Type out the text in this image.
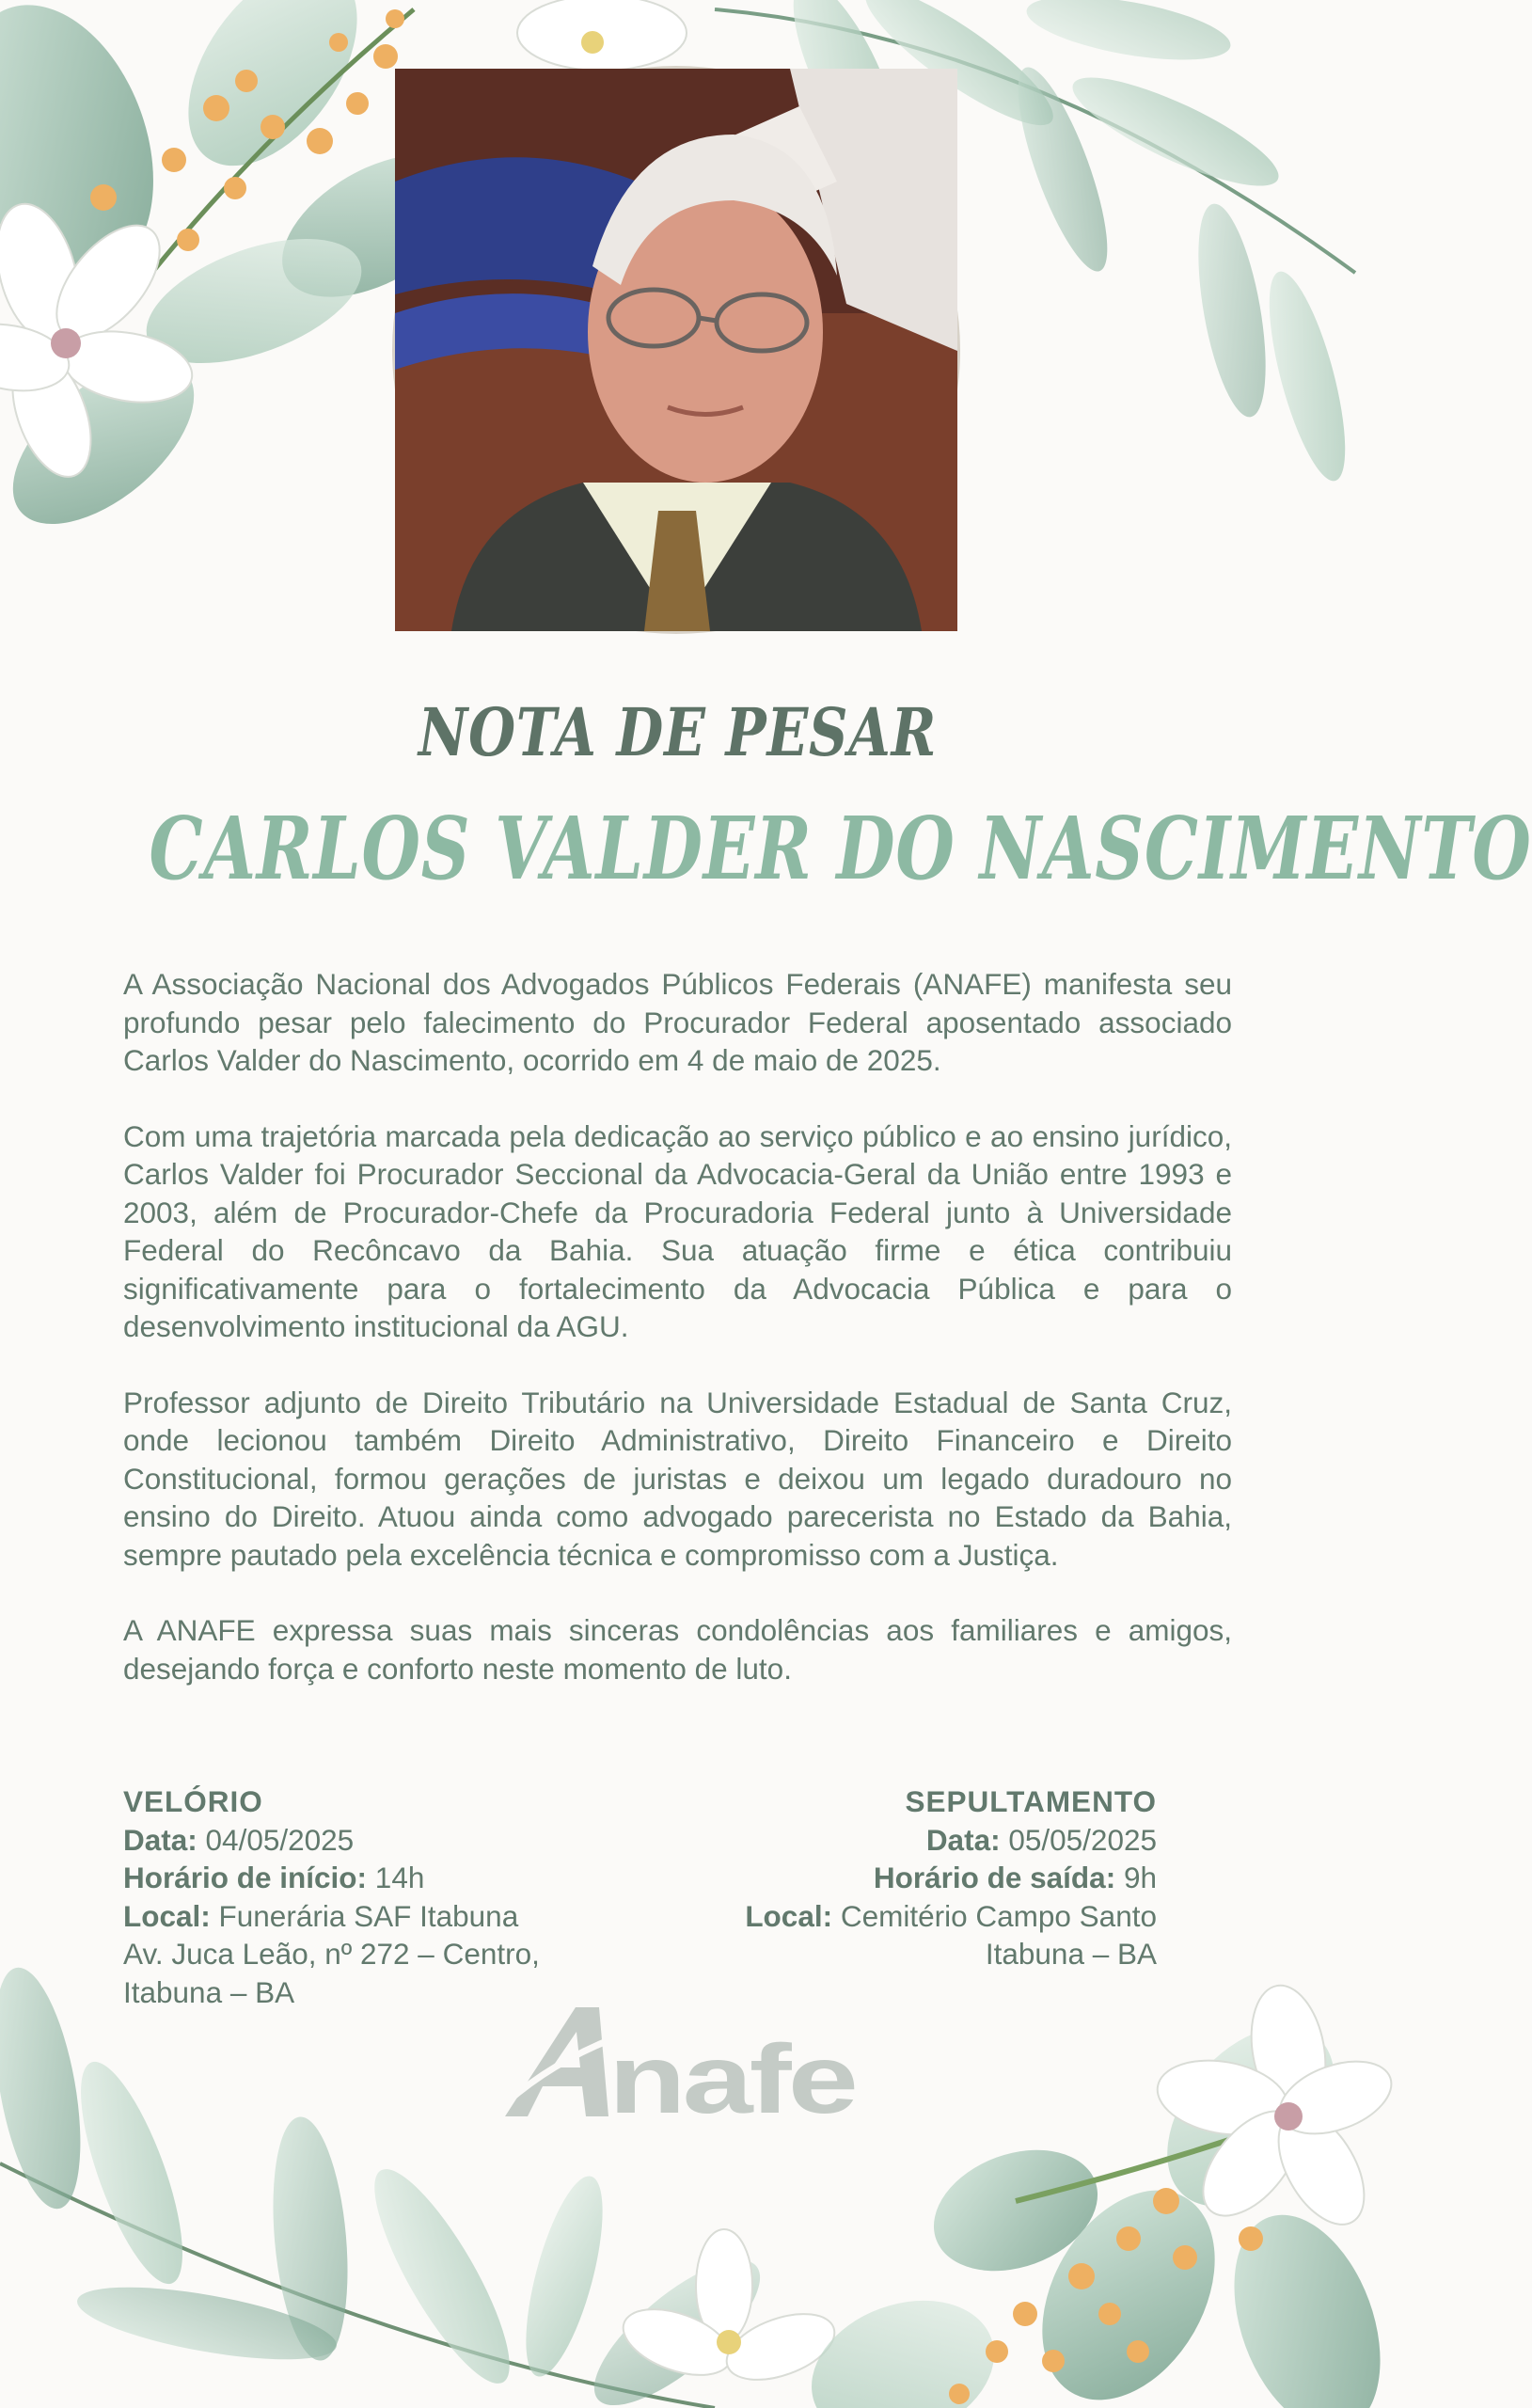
NOTA DE PESAR
CARLOS VALDER DO NASCIMENTO

A Associação Nacional dos Advogados Públicos Federais (ANAFE) manifesta seu profundo pesar pelo falecimento do Procurador Federal aposentado associado Carlos Valder do Nascimento, ocorrido em 4 de maio de 2025.

Com uma trajetória marcada pela dedicação ao serviço público e ao ensino jurídico, Carlos Valder foi Procurador Seccional da Advocacia-Geral da União entre 1993 e 2003, além de Procurador-Chefe da Procuradoria Federal junto à Universidade Federal do Recôncavo da Bahia. Sua atuação firme e ética contribuiu significativamente para o fortalecimento da Advocacia Pública e para o desenvolvimento institucional da AGU.

Professor adjunto de Direito Tributário na Universidade Estadual de Santa Cruz, onde lecionou também Direito Administrativo, Direito Financeiro e Direito Constitucional, formou gerações de juristas e deixou um legado duradouro no ensino do Direito. Atuou ainda como advogado parecerista no Estado da Bahia, sempre pautado pela excelência técnica e compromisso com a Justiça.

A ANAFE expressa suas mais sinceras condolências aos familiares e amigos, desejando força e conforto neste momento de luto.

VELÓRIO
Data: 04/05/2025
Horário de início: 14h
Local: Funerária SAF Itabuna
Av. Juca Leão, nº 272 – Centro,
Itabuna – BA
SEPULTAMENTO
Data: 05/05/2025
Horário de saída: 9h
Local: Cemitério Campo Santo
Itabuna – BA
nafe
